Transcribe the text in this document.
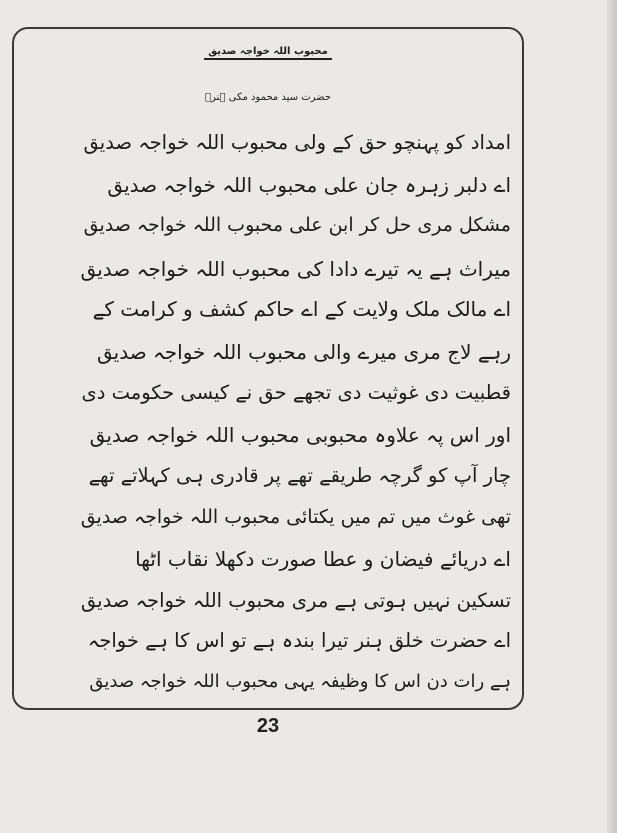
محبوب اللہ خواجہ صدیق
حضرت سید محمود مکی ہنرؔ
امداد کو پہنچو حق کے ولی محبوب اللہ خواجہ صدیق
اے دلبر زہرہ جان علی محبوب اللہ خواجہ صدیق
مشکل مری حل کر ابن علی محبوب اللہ خواجہ صدیق
میراث ہے یہ تیرے دادا کی محبوب اللہ خواجہ صدیق
اے مالک ملک ولایت کے اے حاکم کشف و کرامت کے
رہے لاج مری میرے والی محبوب اللہ خواجہ صدیق
قطبیت دی غوثیت دی تجھے حق نے کیسی حکومت دی
اور اس پہ علاوہ محبوبی محبوب اللہ خواجہ صدیق
چار آپ کو گرچہ طریقے تھے پر قادری ہی کہلاتے تھے
تھی غوث میں تم میں یکتائی محبوب اللہ خواجہ صدیق
اے دریائے فیضان و عطا صورت دکھلا نقاب اٹھا
تسکین نہیں ہوتی ہے مری محبوب اللہ خواجہ صدیق
اے حضرت خلق ہنر تیرا بندہ ہے تو اس کا ہے خواجہ
ہے رات دن اس کا وظیفہ یہی محبوب اللہ خواجہ صدیق
23
